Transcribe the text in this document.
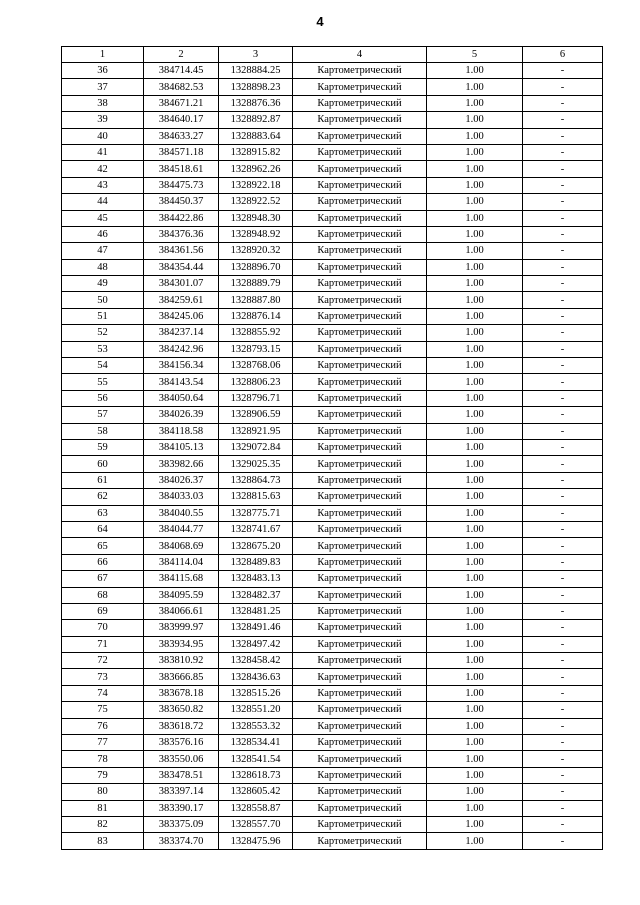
4
1	2	3	4	5	6
36	384714.45	1328884.25	Картометрический	1.00	-
37	384682.53	1328898.23	Картометрический	1.00	-
38	384671.21	1328876.36	Картометрический	1.00	-
39	384640.17	1328892.87	Картометрический	1.00	-
40	384633.27	1328883.64	Картометрический	1.00	-
41	384571.18	1328915.82	Картометрический	1.00	-
42	384518.61	1328962.26	Картометрический	1.00	-
43	384475.73	1328922.18	Картометрический	1.00	-
44	384450.37	1328922.52	Картометрический	1.00	-
45	384422.86	1328948.30	Картометрический	1.00	-
46	384376.36	1328948.92	Картометрический	1.00	-
47	384361.56	1328920.32	Картометрический	1.00	-
48	384354.44	1328896.70	Картометрический	1.00	-
49	384301.07	1328889.79	Картометрический	1.00	-
50	384259.61	1328887.80	Картометрический	1.00	-
51	384245.06	1328876.14	Картометрический	1.00	-
52	384237.14	1328855.92	Картометрический	1.00	-
53	384242.96	1328793.15	Картометрический	1.00	-
54	384156.34	1328768.06	Картометрический	1.00	-
55	384143.54	1328806.23	Картометрический	1.00	-
56	384050.64	1328796.71	Картометрический	1.00	-
57	384026.39	1328906.59	Картометрический	1.00	-
58	384118.58	1328921.95	Картометрический	1.00	-
59	384105.13	1329072.84	Картометрический	1.00	-
60	383982.66	1329025.35	Картометрический	1.00	-
61	384026.37	1328864.73	Картометрический	1.00	-
62	384033.03	1328815.63	Картометрический	1.00	-
63	384040.55	1328775.71	Картометрический	1.00	-
64	384044.77	1328741.67	Картометрический	1.00	-
65	384068.69	1328675.20	Картометрический	1.00	-
66	384114.04	1328489.83	Картометрический	1.00	-
67	384115.68	1328483.13	Картометрический	1.00	-
68	384095.59	1328482.37	Картометрический	1.00	-
69	384066.61	1328481.25	Картометрический	1.00	-
70	383999.97	1328491.46	Картометрический	1.00	-
71	383934.95	1328497.42	Картометрический	1.00	-
72	383810.92	1328458.42	Картометрический	1.00	-
73	383666.85	1328436.63	Картометрический	1.00	-
74	383678.18	1328515.26	Картометрический	1.00	-
75	383650.82	1328551.20	Картометрический	1.00	-
76	383618.72	1328553.32	Картометрический	1.00	-
77	383576.16	1328534.41	Картометрический	1.00	-
78	383550.06	1328541.54	Картометрический	1.00	-
79	383478.51	1328618.73	Картометрический	1.00	-
80	383397.14	1328605.42	Картометрический	1.00	-
81	383390.17	1328558.87	Картометрический	1.00	-
82	383375.09	1328557.70	Картометрический	1.00	-
83	383374.70	1328475.96	Картометрический	1.00	-
